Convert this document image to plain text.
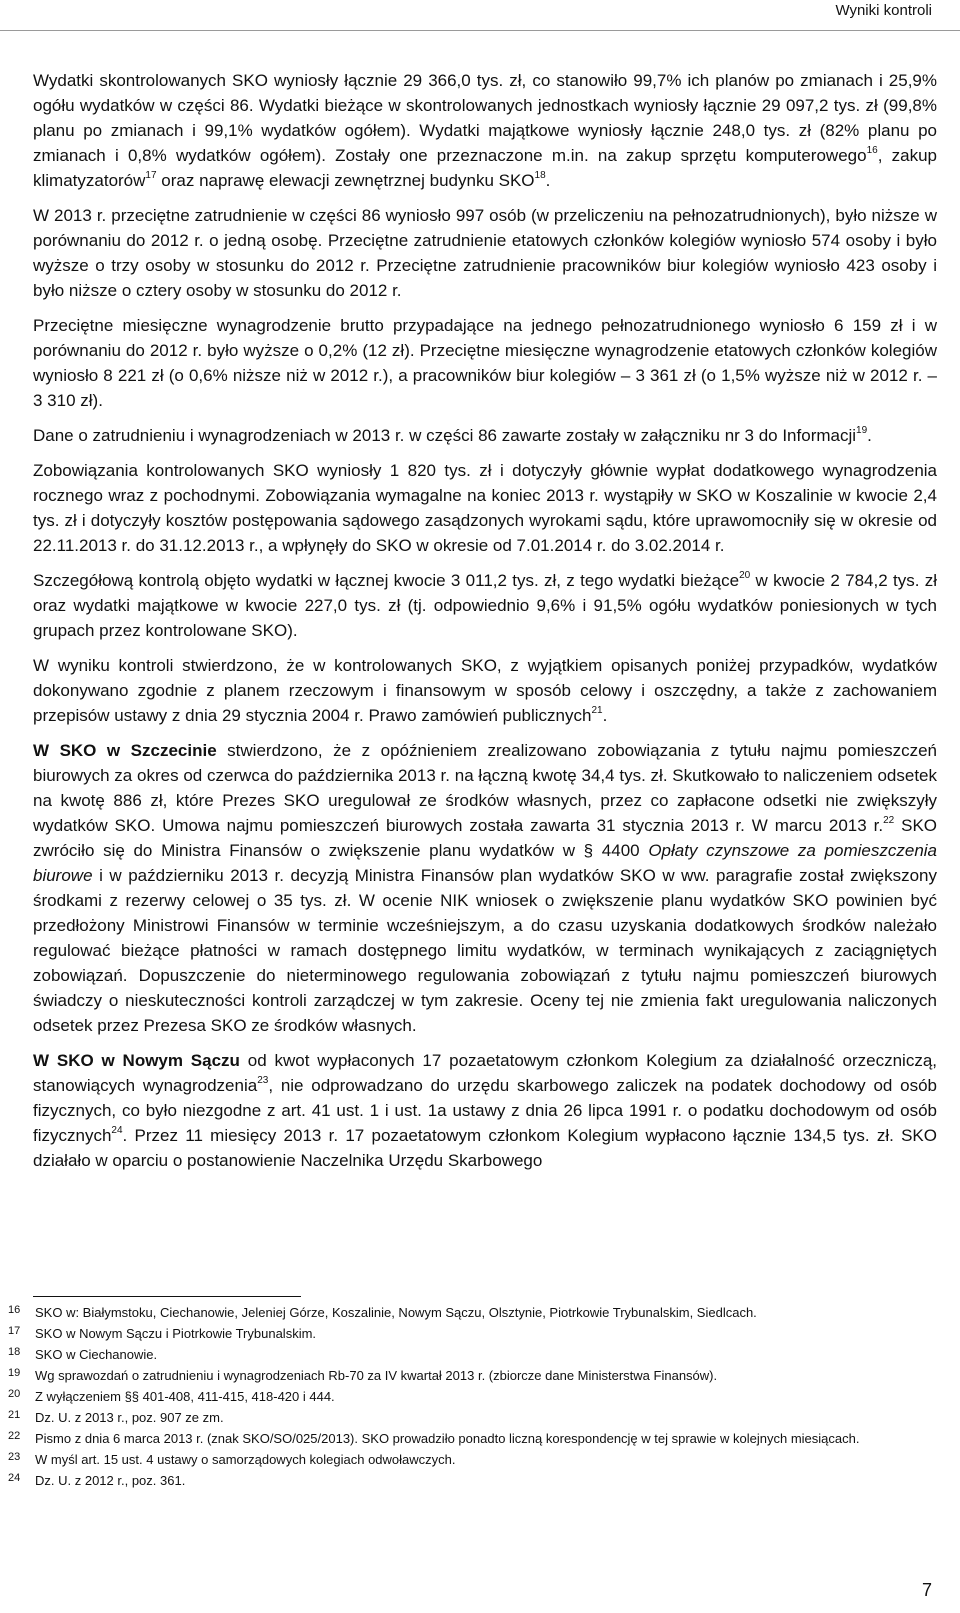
Wyniki kontroli

Wydatki skontrolowanych SKO wyniosły łącznie 29 366,0 tys. zł, co stanowiło 99,7% ich planów po zmianach i 25,9% ogółu wydatków w części 86. Wydatki bieżące w skontrolowanych jednostkach wyniosły łącznie 29 097,2 tys. zł (99,8% planu po zmianach i 99,1% wydatków ogółem). Wydatki majątkowe wyniosły łącznie 248,0 tys. zł (82% planu po zmianach i 0,8% wydatków ogółem). Zostały one przeznaczone m.in. na zakup sprzętu komputerowego$^{16}$, zakup klimatyzatorów$^{17}$ oraz naprawę elewacji zewnętrznej budynku SKO$^{18}$.

W 2013 r. przeciętne zatrudnienie w części 86 wyniosło 997 osób (w przeliczeniu na pełnozatrudnionych), było niższe w porównaniu do 2012 r. o jedną osobę. Przeciętne zatrudnienie etatowych członków kolegiów wyniosło 574 osoby i było wyższe o trzy osoby w stosunku do 2012 r. Przeciętne zatrudnienie pracowników biur kolegiów wyniosło 423 osoby i było niższe o cztery osoby w stosunku do 2012 r.

Przeciętne miesięczne wynagrodzenie brutto przypadające na jednego pełnozatrudnionego wyniosło 6 159 zł i w porównaniu do 2012 r. było wyższe o 0,2% (12 zł). Przeciętne miesięczne wynagrodzenie etatowych członków kolegiów wyniosło 8 221 zł (o 0,6% niższe niż w 2012 r.), a pracowników biur kolegiów – 3 361 zł (o 1,5% wyższe niż w 2012 r. – 3 310 zł).

Dane o zatrudnieniu i wynagrodzeniach w 2013 r. w części 86 zawarte zostały w załączniku nr 3 do Informacji$^{19}$.

Zobowiązania kontrolowanych SKO wyniosły 1 820 tys. zł i dotyczyły głównie wypłat dodatkowego wynagrodzenia rocznego wraz z pochodnymi. Zobowiązania wymagalne na koniec 2013 r. wystąpiły w SKO w Koszalinie w kwocie 2,4 tys. zł i dotyczyły kosztów postępowania sądowego zasądzonych wyrokami sądu, które uprawomocniły się w okresie od 22.11.2013 r. do 31.12.2013 r., a wpłynęły do SKO w okresie od 7.01.2014 r. do 3.02.2014 r.

Szczegółową kontrolą objęto wydatki w łącznej kwocie 3 011,2 tys. zł, z tego wydatki bieżące$^{20}$ w kwocie 2 784,2 tys. zł oraz wydatki majątkowe w kwocie 227,0 tys. zł (tj. odpowiednio 9,6% i 91,5% ogółu wydatków poniesionych w tych grupach przez kontrolowane SKO).

W wyniku kontroli stwierdzono, że w kontrolowanych SKO, z wyjątkiem opisanych poniżej przypadków, wydatków dokonywano zgodnie z planem rzeczowym i finansowym w sposób celowy i oszczędny, a także z zachowaniem przepisów ustawy z dnia 29 stycznia 2004 r. Prawo zamówień publicznych$^{21}$.

W SKO w Szczecinie stwierdzono, że z opóźnieniem zrealizowano zobowiązania z tytułu najmu pomieszczeń biurowych za okres od czerwca do października 2013 r. na łączną kwotę 34,4 tys. zł. Skutkowało to naliczeniem odsetek na kwotę 886 zł, które Prezes SKO uregulował ze środków własnych, przez co zapłacone odsetki nie zwiększyły wydatków SKO. Umowa najmu pomieszczeń biurowych została zawarta 31 stycznia 2013 r. W marcu 2013 r.$^{22}$ SKO zwróciło się do Ministra Finansów o zwiększenie planu wydatków w § 4400 Opłaty czynszowe za pomieszczenia biurowe i w październiku 2013 r. decyzją Ministra Finansów plan wydatków SKO w ww. paragrafie został zwiększony środkami z rezerwy celowej o 35 tys. zł. W ocenie NIK wniosek o zwiększenie planu wydatków SKO powinien być przedłożony Ministrowi Finansów w terminie wcześniejszym, a do czasu uzyskania dodatkowych środków należało regulować bieżące płatności w ramach dostępnego limitu wydatków, w terminach wynikających z zaciągniętych zobowiązań. Dopuszczenie do nieterminowego regulowania zobowiązań z tytułu najmu pomieszczeń biurowych świadczy o nieskuteczności kontroli zarządczej w tym zakresie. Oceny tej nie zmienia fakt uregulowania naliczonych odsetek przez Prezesa SKO ze środków własnych.

W SKO w Nowym Sączu od kwot wypłaconych 17 pozaetatowym członkom Kolegium za działalność orzeczniczą, stanowiących wynagrodzenia$^{23}$, nie odprowadzano do urzędu skarbowego zaliczek na podatek dochodowy od osób fizycznych, co było niezgodne z art. 41 ust. 1 i ust. 1a ustawy z dnia 26 lipca 1991 r. o podatku dochodowym od osób fizycznych$^{24}$. Przez 11 miesięcy 2013 r. 17 pozaetatowym członkom Kolegium wypłacono łącznie 134,5 tys. zł. SKO działało w oparciu o postanowienie Naczelnika Urzędu Skarbowego

16	SKO w: Białymstoku, Ciechanowie, Jeleniej Górze, Koszalinie, Nowym Sączu, Olsztynie, Piotrkowie Trybunalskim, Siedlcach.
17	SKO w Nowym Sączu i Piotrkowie Trybunalskim.
18	SKO w Ciechanowie.
19	Wg sprawozdań o zatrudnieniu i wynagrodzeniach Rb-70 za IV kwartał 2013 r. (zbiorcze dane Ministerstwa Finansów).
20	Z wyłączeniem §§ 401-408, 411-415, 418-420 i 444.
21	Dz. U. z 2013 r., poz. 907 ze zm.
22	Pismo z dnia 6 marca 2013 r. (znak SKO/SO/025/2013). SKO prowadziło ponadto liczną korespondencję w tej sprawie w kolejnych miesiącach.
23	W myśl art. 15 ust. 4 ustawy o samorządowych kolegiach odwoławczych.
24	Dz. U. z 2012 r., poz. 361.
7
